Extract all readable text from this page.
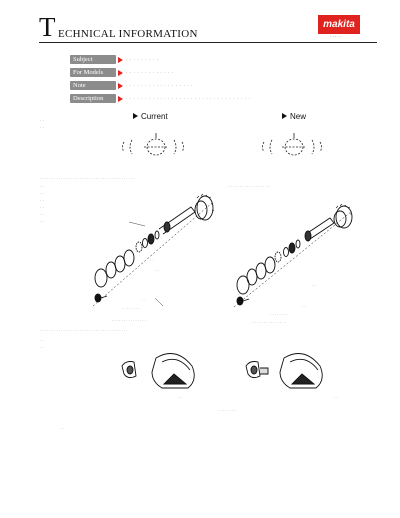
T ECHNICAL INFORMATION
makita
· · · · ·
Subject	· · · · · · · · ·
For Models	· · · · · · · · · · · · ·
Note	· · · · · · · · · · · · · · · · · ·
Description	· · · · · · · · · · · · · · · · · · · · · · · · · · · · · · · · ·
Current	New
· ·
· ·
· · · · · · · · · · · · · · · · · · · · · · · · · · · · · · · · · · · · · · · · ·
· ·
· ·
· ·
· ·
· ·
· ·
· · · · · · · · · · · · · · · · · ·
· ·
· ·
· ·
· · · · · · · ·
· · · · · · · · · · · · · · ·
· ·
· ·
· · · · · · · ·
· · · · · · · · · · · · · · ·
· · · · · · · · · · · · · · · · · · · · · · · · · · · · · · · · · · · · · ·
· ·
· ·
· ·	· ·
· · · · · · · ·
· ·
